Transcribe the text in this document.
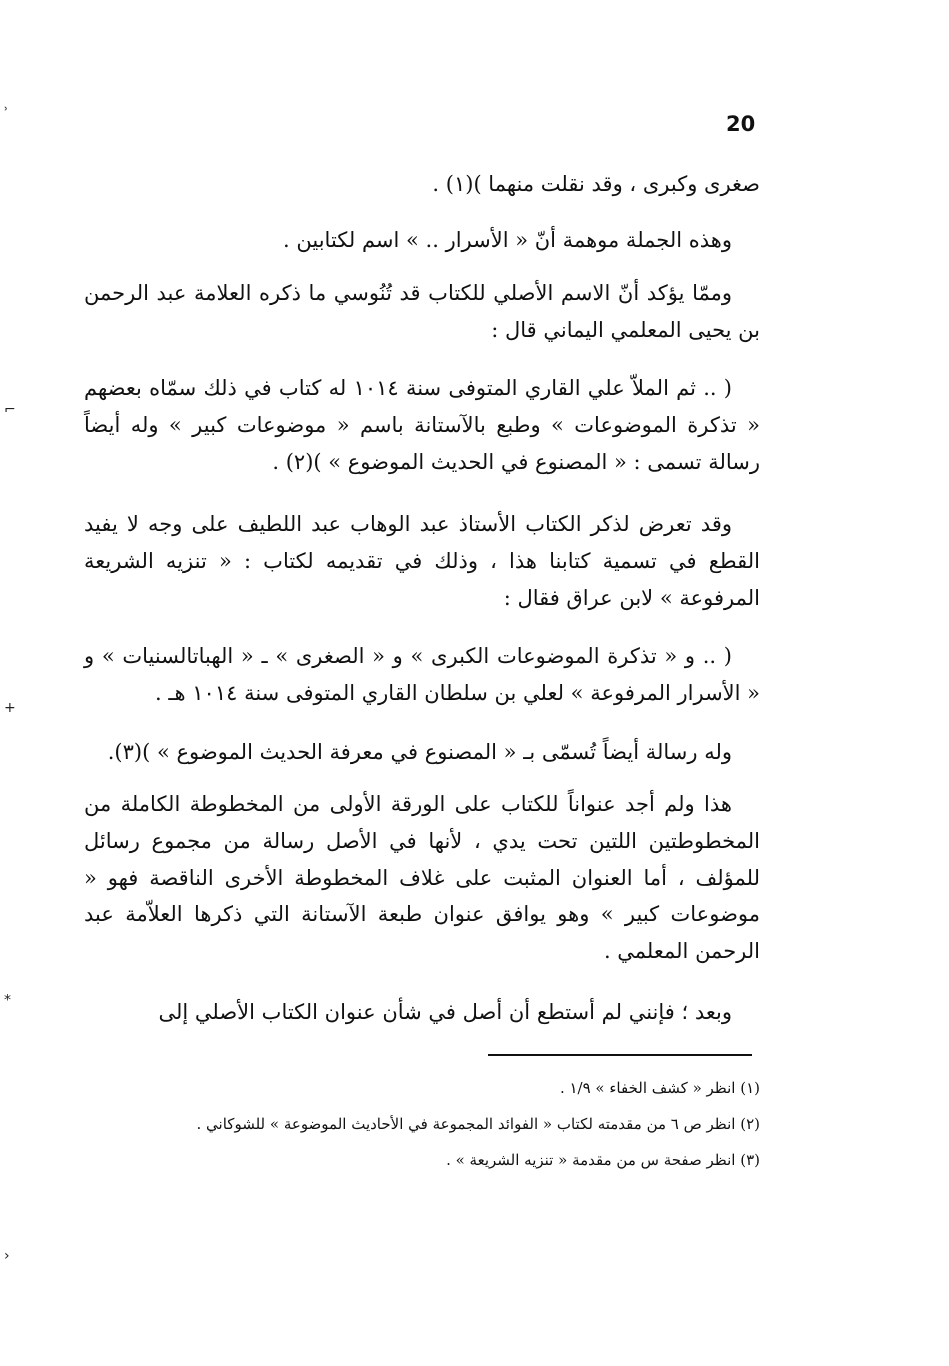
20

صغرى وكبرى ، وقد نقلت منهما )(١) .

وهذه الجملة موهمة أنّ « الأسرار .. » اسم لكتابين .

وممّا يؤكد أنّ الاسم الأصلي للكتاب قد تُنُوسي ما ذكره العلامة عبد الرحمن بن يحيى المعلمي اليماني قال :

( .. ثم الملاّ علي القاري المتوفى سنة ١٠١٤ له كتاب في ذلك سمّاه بعضهم « تذكرة الموضوعات » وطبع بالآستانة باسم « موضوعات كبير » وله أيضاً رسالة تسمى : « المصنوع في الحديث الموضوع » )(٢) .

وقد تعرض لذكر الكتاب الأستاذ عبد الوهاب عبد اللطيف على وجه لا يفيد القطع في تسمية كتابنا هذا ، وذلك في تقديمه لكتاب : « تنزيه الشريعة المرفوعة » لابن عراق فقال :

( .. و « تذكرة الموضوعات الكبرى » و « الصغرى » ـ « الهباتالسنيات » و « الأسرار المرفوعة » لعلي بن سلطان القاري المتوفى سنة ١٠١٤ هـ .

وله رسالة أيضاً تُسمّى بـ « المصنوع في معرفة الحديث الموضوع » )(٣).

هذا ولم أجد عنواناً للكتاب على الورقة الأولى من المخطوطة الكاملة من المخطوطتين اللتين تحت يدي ، لأنها في الأصل رسالة من مجموع رسائل للمؤلف ، أما العنوان المثبت على غلاف المخطوطة الأخرى الناقصة فهو « موضوعات كبير » وهو يوافق عنوان طبعة الآستانة التي ذكرها العلاّمة عبد الرحمن المعلمي .

وبعد ؛ فإنني لم أستطع أن أصل في شأن عنوان الكتاب الأصلي إلى

(١) انظر « كشف الخفاء » ١/٩ .

(٢) انظر ص ٦ من مقدمته لكتاب « الفوائد المجموعة في الأحاديث الموضوعة » للشوكاني .

(٣) انظر صفحة س من مقدمة « تنزيه الشريعة » .

˒
⌐
+
⁎
›
